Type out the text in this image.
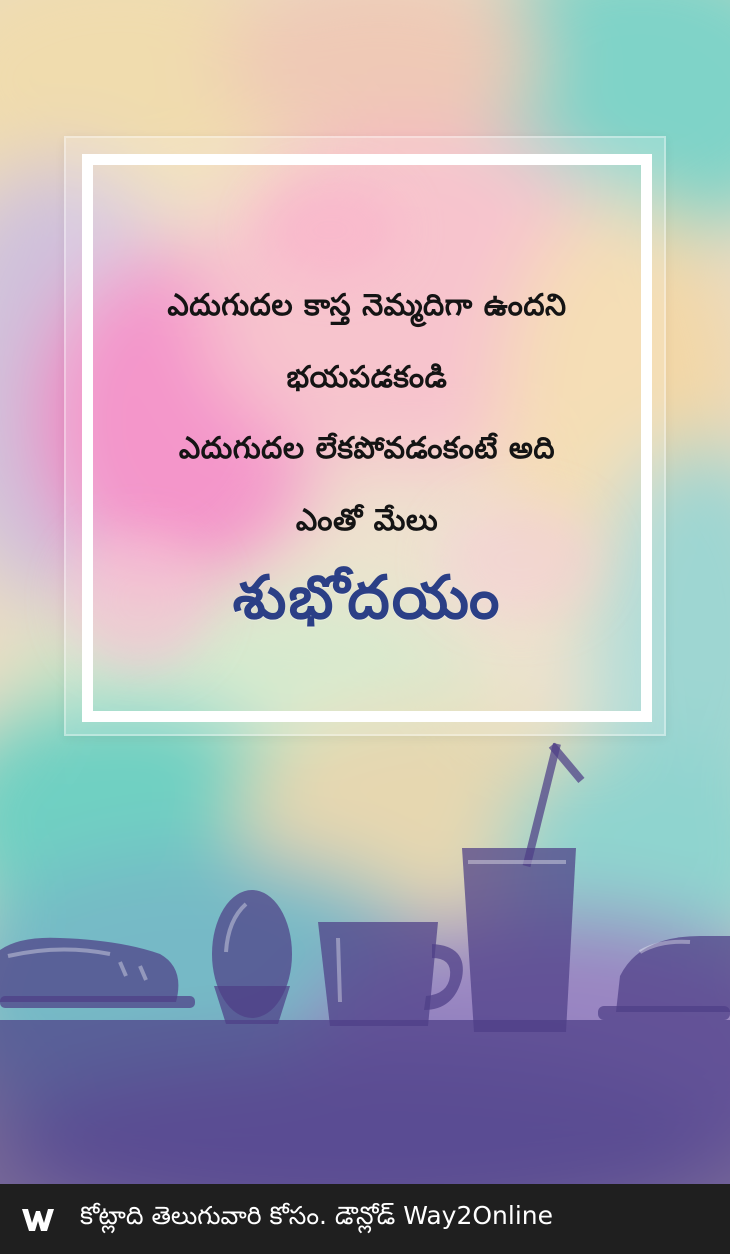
ఎదుగుదల కాస్త నెమ్మదిగా ఉందని
భయపడకండి
ఎదుగుదల లేకపోవడంకంటే అది
ఎంతో మేలు
శుభోదయం
కోట్లాది తెలుగువారి కోసం. డౌన్లోడ్ Way2Online
